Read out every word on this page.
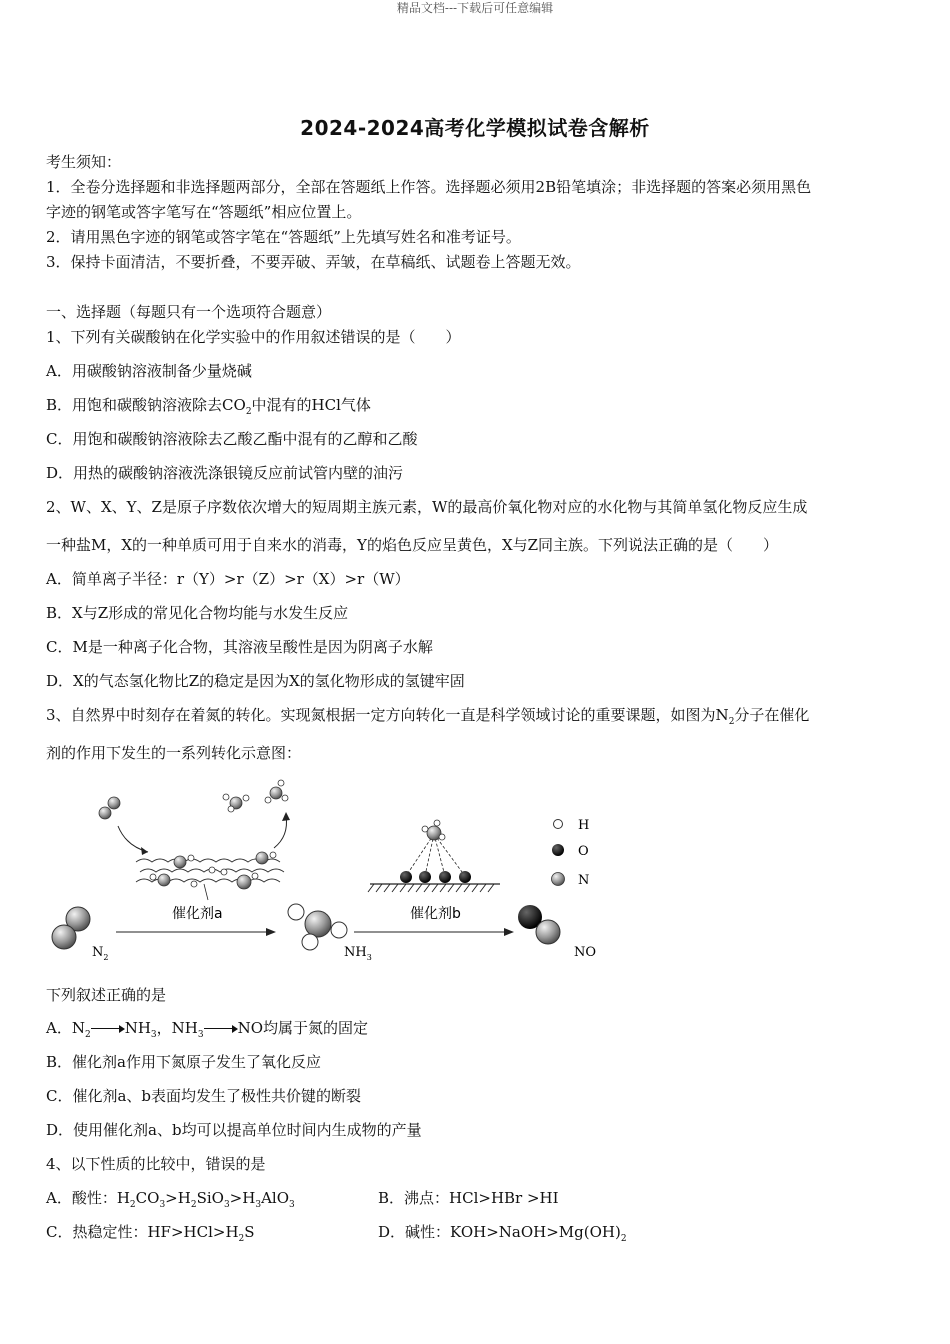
精品文档---下载后可任意编辑
2024-2024高考化学模拟试卷含解析
考生须知：
1．全卷分选择题和非选择题两部分，全部在答题纸上作答。选择题必须用2B铅笔填涂；非选择题的答案必须用黑色
字迹的钢笔或答字笔写在“答题纸”相应位置上。
2．请用黑色字迹的钢笔或答字笔在“答题纸”上先填写姓名和准考证号。
3．保持卡面清洁，不要折叠，不要弄破、弄皱，在草稿纸、试题卷上答题无效。
一、选择题（每题只有一个选项符合题意）
1、下列有关碳酸钠在化学实验中的作用叙述错误的是（　　）
A．用碳酸钠溶液制备少量烧碱
B．用饱和碳酸钠溶液除去$CO_2$中混有的HCl气体
C．用饱和碳酸钠溶液除去乙酸乙酯中混有的乙醇和乙酸
D．用热的碳酸钠溶液洗涤银镜反应前试管内壁的油污
2、W、X、Y、Z是原子序数依次增大的短周期主族元素，W的最高价氧化物对应的水化物与其简单氢化物反应生成
一种盐M，X的一种单质可用于自来水的消毒，Y的焰色反应呈黄色，X与Z同主族。下列说法正确的是（　　）
A．简单离子半径：r（Y）>r（Z）>r（X）>r（W）
B．X与Z形成的常见化合物均能与水发生反应
C．M是一种离子化合物，其溶液呈酸性是因为阴离子水解
D．X的气态氢化物比Z的稳定是因为X的氢化物形成的氢键牢固
3、自然界中时刻存在着氮的转化。实现氮根据一定方向转化一直是科学领域讨论的重要课题，如图为$N_2$分子在催化
剂的作用下发生的一系列转化示意图：
$N_2$
催化剂a
$NH_3$
催化剂b
NO
H
O
N
下列叙述正确的是
A．$N_2$ $NH_3$，$NH_3$ NO均属于氮的固定
B．催化剂a作用下氮原子发生了氧化反应
C．催化剂a、b表面均发生了极性共价键的断裂
D．使用催化剂a、b均可以提高单位时间内生成物的产量
4、以下性质的比较中，错误的是
A．酸性：$H_2CO_3>H_2SiO_3>H_3AlO_3$	B．沸点：HCl>HBr >HI
C．热稳定性：$HF>HCl>H_2S$	D．碱性：$KOH>NaOH>Mg(OH)_2$
